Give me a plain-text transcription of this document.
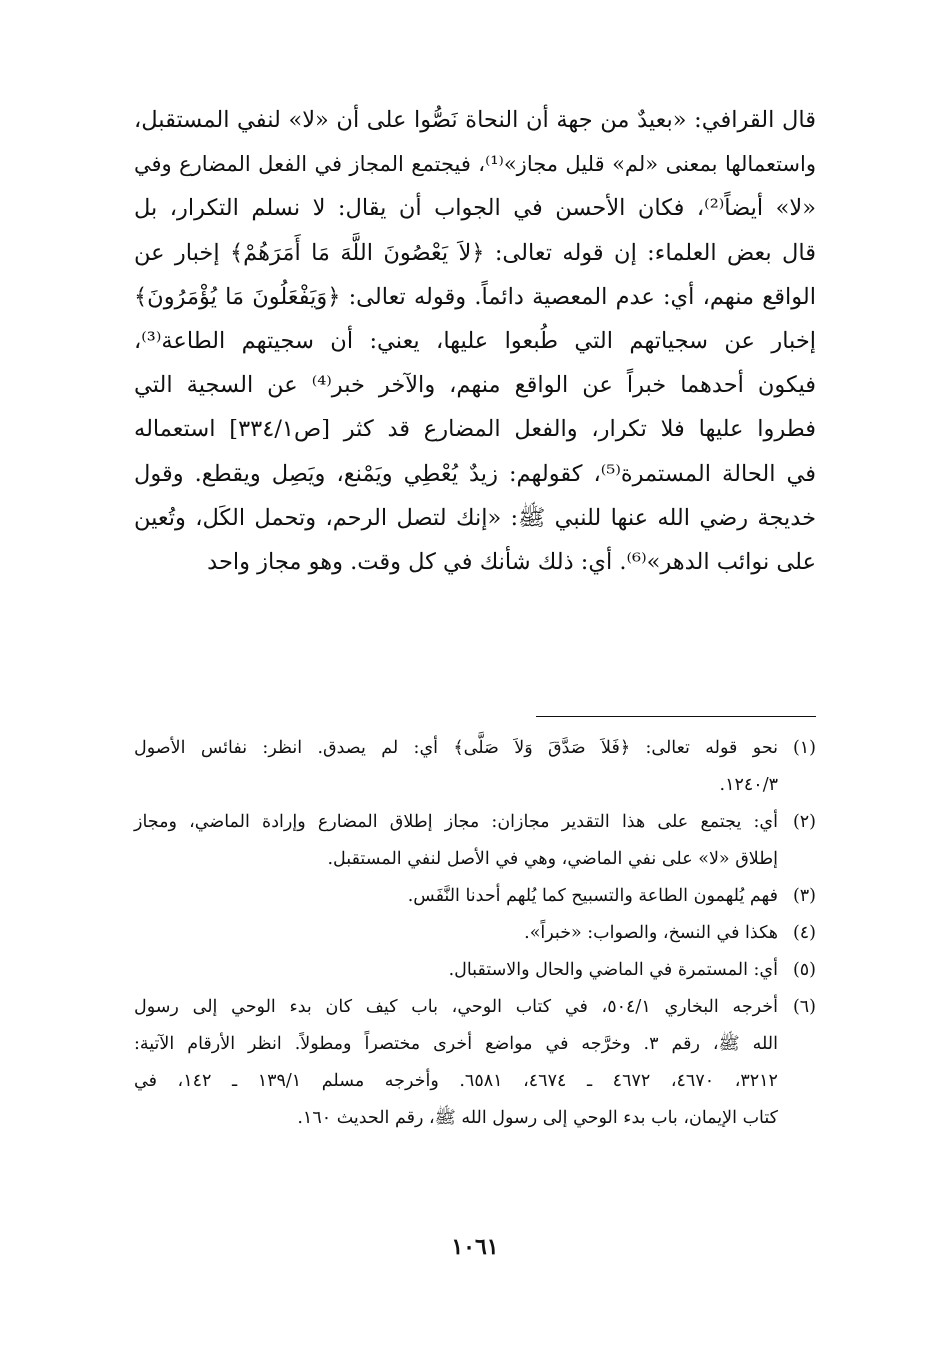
قال القرافي: «بعيدٌ من جهة أن النحاة نَصُّوا على أن «لا» لنفي المستقبل،
واستعمالها بمعنى «لم» قليل مجاز»⁽¹⁾، فيجتمع المجاز في الفعل المضارع وفي
«لا» أيضاً⁽²⁾، فكان الأحسن في الجواب أن يقال: لا نسلم التكرار، بل
قال بعض العلماء: إن قوله تعالى: ﴿لاَ يَعْصُونَ اللَّهَ مَا أَمَرَهُمْ﴾ إخبار عن
الواقع منهم، أي: عدم المعصية دائماً. وقوله تعالى: ﴿وَيَفْعَلُونَ مَا يُؤْمَرُونَ﴾
إخبار عن سجياتهم التي طُبعوا عليها، يعني: أن سجيتهم الطاعة⁽³⁾،
فيكون أحدهما خبراً عن الواقع منهم، والآخر خبر⁽⁴⁾ عن السجية التي
فطروا عليها فلا تكرار، والفعل المضارع قد كثر [ص٣٣٤/١] استعماله
في الحالة المستمرة⁽⁵⁾، كقولهم: زيدٌ يُعْطِي ويَمْنع، ويَصِل ويقطع. وقول
خديجة رضي الله عنها للنبي ﷺ: «إنك لتصل الرحم، وتحمل الكَل، وتُعين
على نوائب الدهر»⁽⁶⁾. أي: ذلك شأنك في كل وقت. وهو مجاز واحد
(١)
نحو قوله تعالى: ﴿فَلاَ صَدَّقَ وَلاَ صَلَّى﴾ أي: لم يصدق. انظر: نفائس الأصول
١٢٤٠/٣.
(٢)
أي: يجتمع على هذا التقدير مجازان: مجاز إطلاق المضارع وإرادة الماضي، ومجاز
إطلاق «لا» على نفي الماضي، وهي في الأصل لنفي المستقبل.
(٣)
فهم يُلهمون الطاعة والتسبيح كما يُلهم أحدنا النَّفَس.
(٤)
هكذا في النسخ، والصواب: «خبراً».
(٥)
أي: المستمرة في الماضي والحال والاستقبال.
(٦)
أخرجه البخاري ٥٠٤/١، في كتاب الوحي، باب كيف كان بدء الوحي إلى رسول
الله ﷺ، رقم ٣. وخرَّجه في مواضع أخرى مختصراً ومطولاً. انظر الأرقام الآتية:
٣٢١٢، ٤٦٧٠، ٤٦٧٢ ـ ٤٦٧٤، ٦٥٨١. وأخرجه مسلم ١٣٩/١ ـ ١٤٢، في
كتاب الإيمان، باب بدء الوحي إلى رسول الله ﷺ، رقم الحديث ١٦٠.
١٠٦١
